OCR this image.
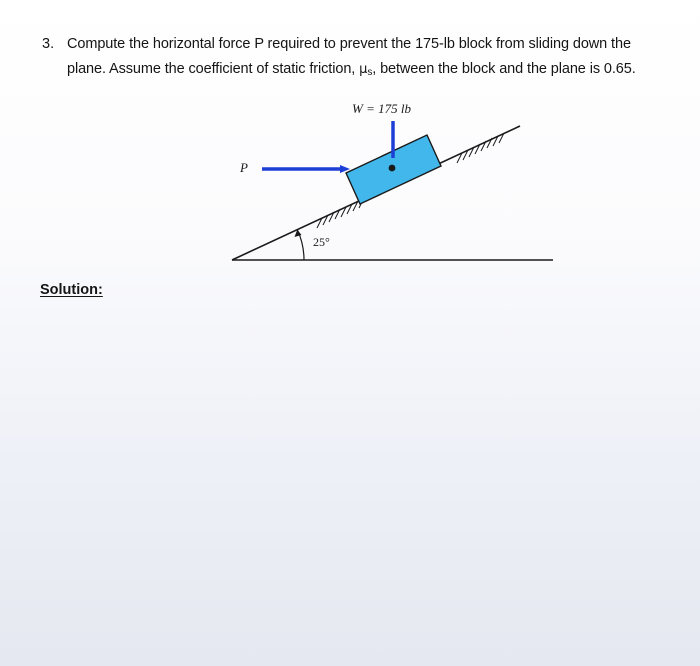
3. Compute the horizontal force P required to prevent the 175-lb block from sliding down the
plane. Assume the coefficient of static friction, μs, between the block and the plane is 0.65.
25°
W = 175 lb
P
Solution:
